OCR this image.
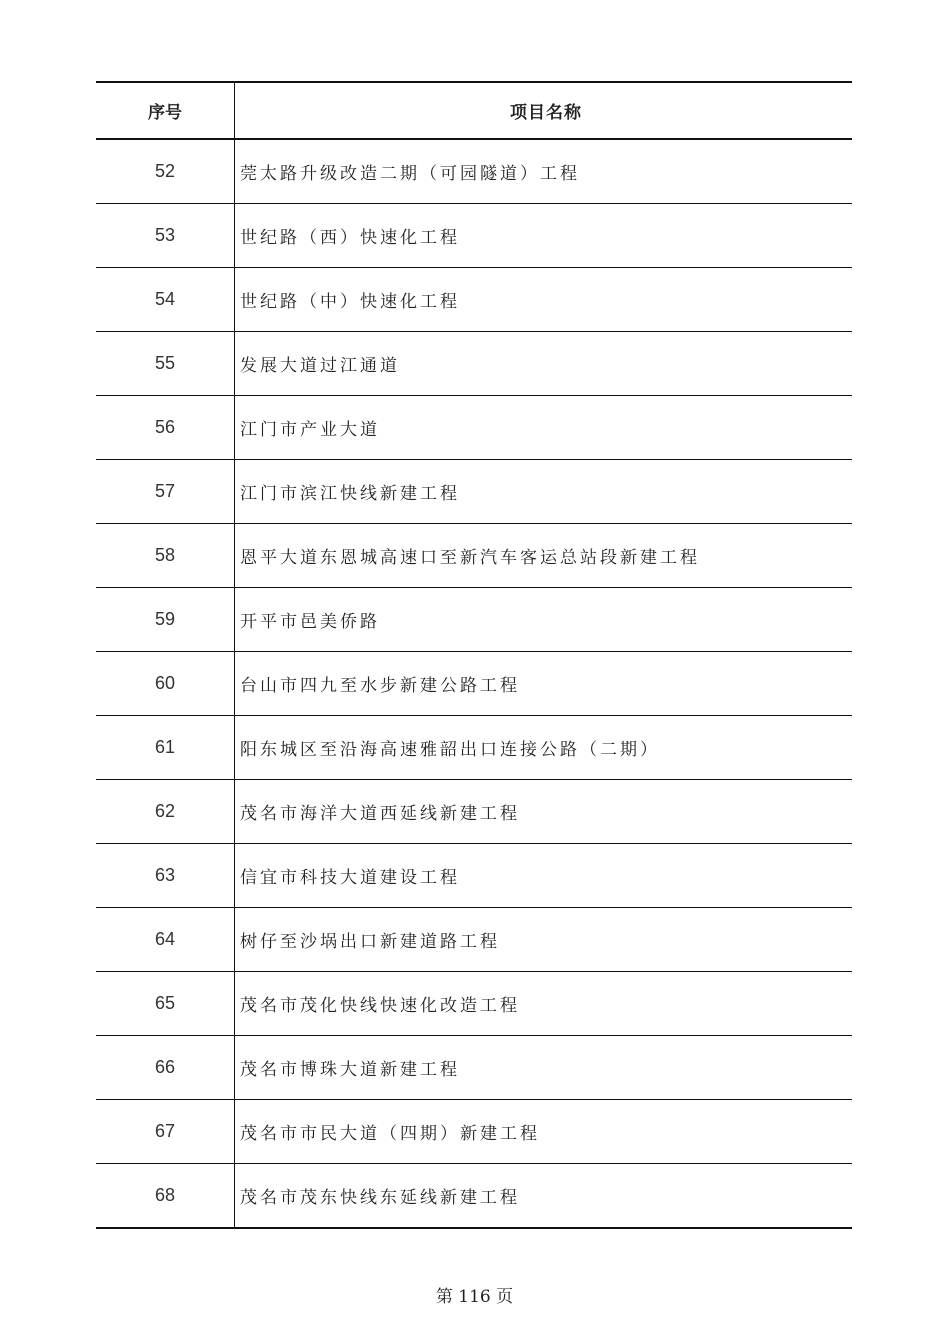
序号	项目名称
52	莞太路升级改造二期（可园隧道）工程
53	世纪路（西）快速化工程
54	世纪路（中）快速化工程
55	发展大道过江通道
56	江门市产业大道
57	江门市滨江快线新建工程
58	恩平大道东恩城高速口至新汽车客运总站段新建工程
59	开平市邑美侨路
60	台山市四九至水步新建公路工程
61	阳东城区至沿海高速雅韶出口连接公路（二期）
62	茂名市海洋大道西延线新建工程
63	信宜市科技大道建设工程
64	树仔至沙埚出口新建道路工程
65	茂名市茂化快线快速化改造工程
66	茂名市博珠大道新建工程
67	茂名市市民大道（四期）新建工程
68	茂名市茂东快线东延线新建工程
第 116 页
